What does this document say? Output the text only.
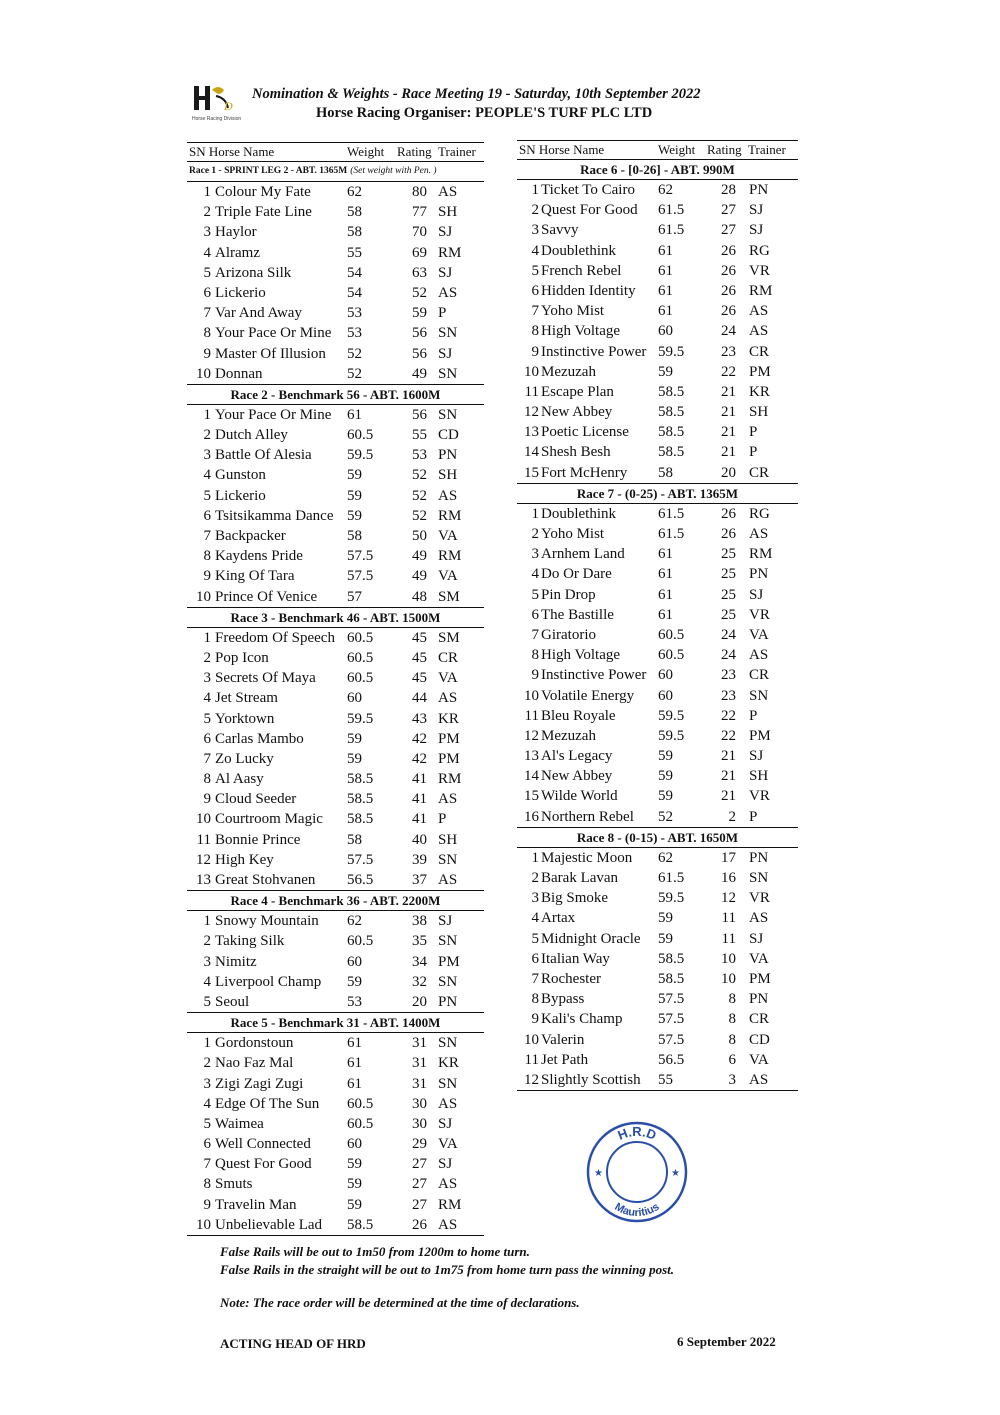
D
Horse Racing Division
Nomination & Weights - Race Meeting 19 - Saturday, 10th September 2022
Horse Racing Organiser: PEOPLE'S TURF PLC LTD
SN Horse Name	Weight Rating Trainer
Race 1 - SPRINT LEG 2 - ABT. 1365M (Set weight with Pen. )
1 Colour My Fate 62	80 AS
2 Triple Fate Line 58	77 SH
3 Haylor	58	70 SJ
4 Alramz	55	69 RM
5 Arizona Silk	54	63 SJ
6 Lickerio	54	52 AS
7 Var And Away	53	59 P
8 Your Pace Or Mine 53	56 SN
9 Master Of Illusion 52	56 SJ
10 Donnan	52	49 SN
Race 2 - Benchmark 56 - ABT. 1600M
1 Your Pace Or Mine 61	56 SN
2 Dutch Alley	60.5	55 CD
3 Battle Of Alesia 59.5	53 PN
4 Gunston	59	52 SH
5 Lickerio	59	52 AS
6 Tsitsikamma Dance 59	52 RM
7 Backpacker	58	50 VA
8 Kaydens Pride	57.5	49 RM
9 King Of Tara	57.5	49 VA
10 Prince Of Venice 57	48 SM
Race 3 - Benchmark 46 - ABT. 1500M
1 Freedom Of Speech 60.5	45 SM
2 Pop Icon	60.5	45 CR
3 Secrets Of Maya 60.5	45 VA
4 Jet Stream	60	44 AS
5 Yorktown	59.5	43 KR
6 Carlas Mambo	59	42 PM
7 Zo Lucky	59	42 PM
8 Al Aasy	58.5	41 RM
9 Cloud Seeder	58.5	41 AS
10 Courtroom Magic 58.5	41 P
11 Bonnie Prince	58	40 SH
12 High Key	57.5	39 SN
13 Great Stohvanen 56.5	37 AS
Race 4 - Benchmark 36 - ABT. 2200M
1 Snowy Mountain 62	38 SJ
2 Taking Silk	60.5	35 SN
3 Nimitz	60	34 PM
4 Liverpool Champ 59	32 SN
5 Seoul	53	20 PN
Race 5 - Benchmark 31 - ABT. 1400M
1 Gordonstoun	61	31 SN
2 Nao Faz Mal	61	31 KR
3 Zigi Zagi Zugi	61	31 SN
4 Edge Of The Sun 60.5	30 AS
5 Waimea	60.5	30 SJ
6 Well Connected 60	29 VA
7 Quest For Good 59	27 SJ
8 Smuts	59	27 AS
9 Travelin Man	59	27 RM
10 Unbelievable Lad 58.5	26 AS
SN Horse Name	Weight Rating Trainer
Race 6 - [0-26] - ABT. 990M
1 Ticket To Cairo 62	28 PN
2 Quest For Good 61.5	27 SJ
3 Savvy	61.5	27 SJ
4 Doublethink	61	26 RG
5 French Rebel 61	26 VR
6 Hidden Identity 61	26 RM
7 Yoho Mist	61	26 AS
8 High Voltage	60	24 AS
9 Instinctive Power 59.5	23 CR
10 Mezuzah	59	22 PM
11 Escape Plan	58.5	21 KR
12 New Abbey	58.5	21 SH
13 Poetic License 58.5	21 P
14 Shesh Besh	58.5	21 P
15 Fort McHenry 58	20 CR
Race 7 - (0-25) - ABT. 1365M
1 Doublethink	61.5	26 RG
2 Yoho Mist	61.5	26 AS
3 Arnhem Land 61	25 RM
4 Do Or Dare	61	25 PN
5 Pin Drop	61	25 SJ
6 The Bastille	61	25 VR
7 Giratorio	60.5	24 VA
8 High Voltage	60.5	24 AS
9 Instinctive Power 60	23 CR
10 Volatile Energy 60	23 SN
11 Bleu Royale	59.5	22 P
12 Mezuzah	59.5	22 PM
13 Al's Legacy	59	21 SJ
14 New Abbey	59	21 SH
15 Wilde World	59	21 VR
16 Northern Rebel 52	2 P
Race 8 - (0-15) - ABT. 1650M
1 Majestic Moon 62	17 PN
2 Barak Lavan	61.5	16 SN
3 Big Smoke	59.5	12 VR
4 Artax	59	11 AS
5 Midnight Oracle 59	11 SJ
6 Italian Way	58.5	10 VA
7 Rochester	58.5	10 PM
8 Bypass	57.5	8 PN
9 Kali's Champ 57.5	8 CR
10 Valerin	57.5	8 CD
11 Jet Path	56.5	6 VA
12 Slightly Scottish 55	3 AS
H.R.D
Mauritius
★	★
False Rails will be out to 1m50 from 1200m to home turn.
False Rails in the straight will be out to 1m75 from home turn pass the winning post.
Note: The race order will be determined at the time of declarations.
ACTING HEAD OF HRD	6 September 2022
